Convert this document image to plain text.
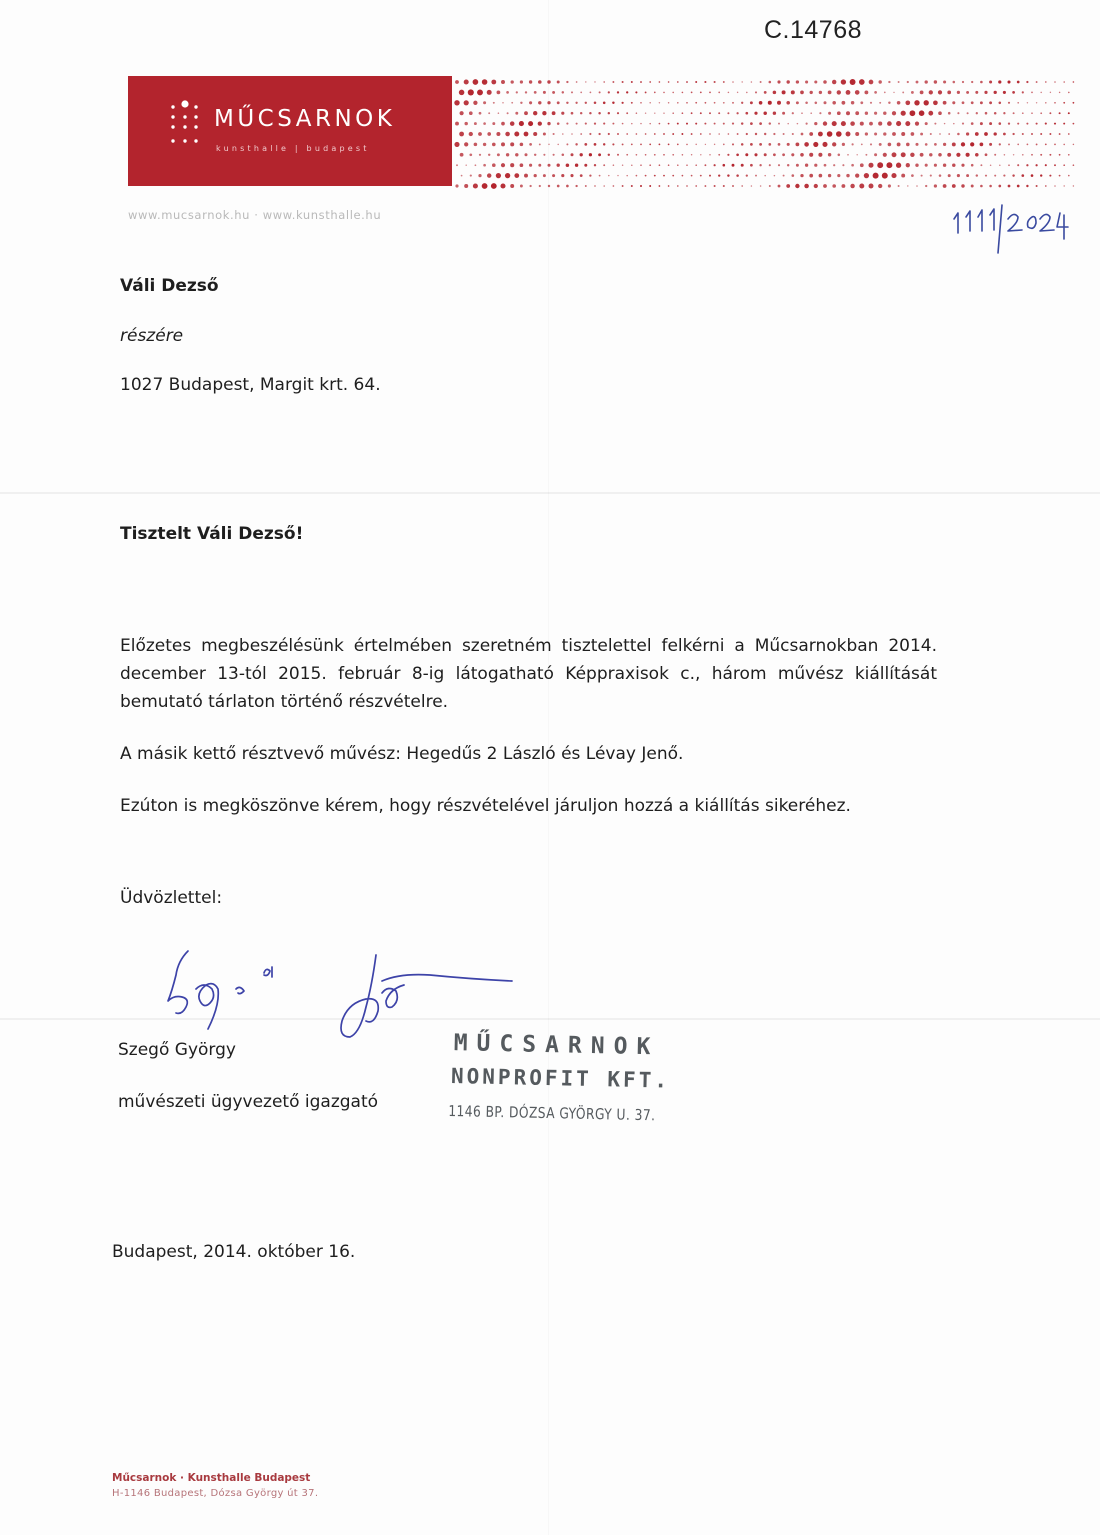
C.14768
MŰCSARNOK
kunsthalle | budapest
www.mucsarnok.hu · www.kunsthalle.hu
Váli Dezső
részére
1027 Budapest, Margit krt. 64.
Tisztelt Váli Dezső!
Előzetes megbeszélésünk értelmében szeretném tisztelettel felkérni a Műcsarnokban 2014. december 13-tól 2015. február 8-ig látogatható Képpraxisok c., három művész kiállítását bemutató tárlaton történő részvételre.
A másik kettő résztvevő művész: Hegedűs 2 László és Lévay Jenő.
Ezúton is megköszönve kérem, hogy részvételével járuljon hozzá a kiállítás sikeréhez.
Üdvözlettel:
Szegő György
művészeti ügyvezető igazgató
MŰCSARNOK
NONPROFIT KFT.
1146 BP. DÓZSA GYÖRGY U. 37.
Budapest, 2014. október 16.
Műcsarnok · Kunsthalle Budapest
H-1146 Budapest, Dózsa György út 37.
